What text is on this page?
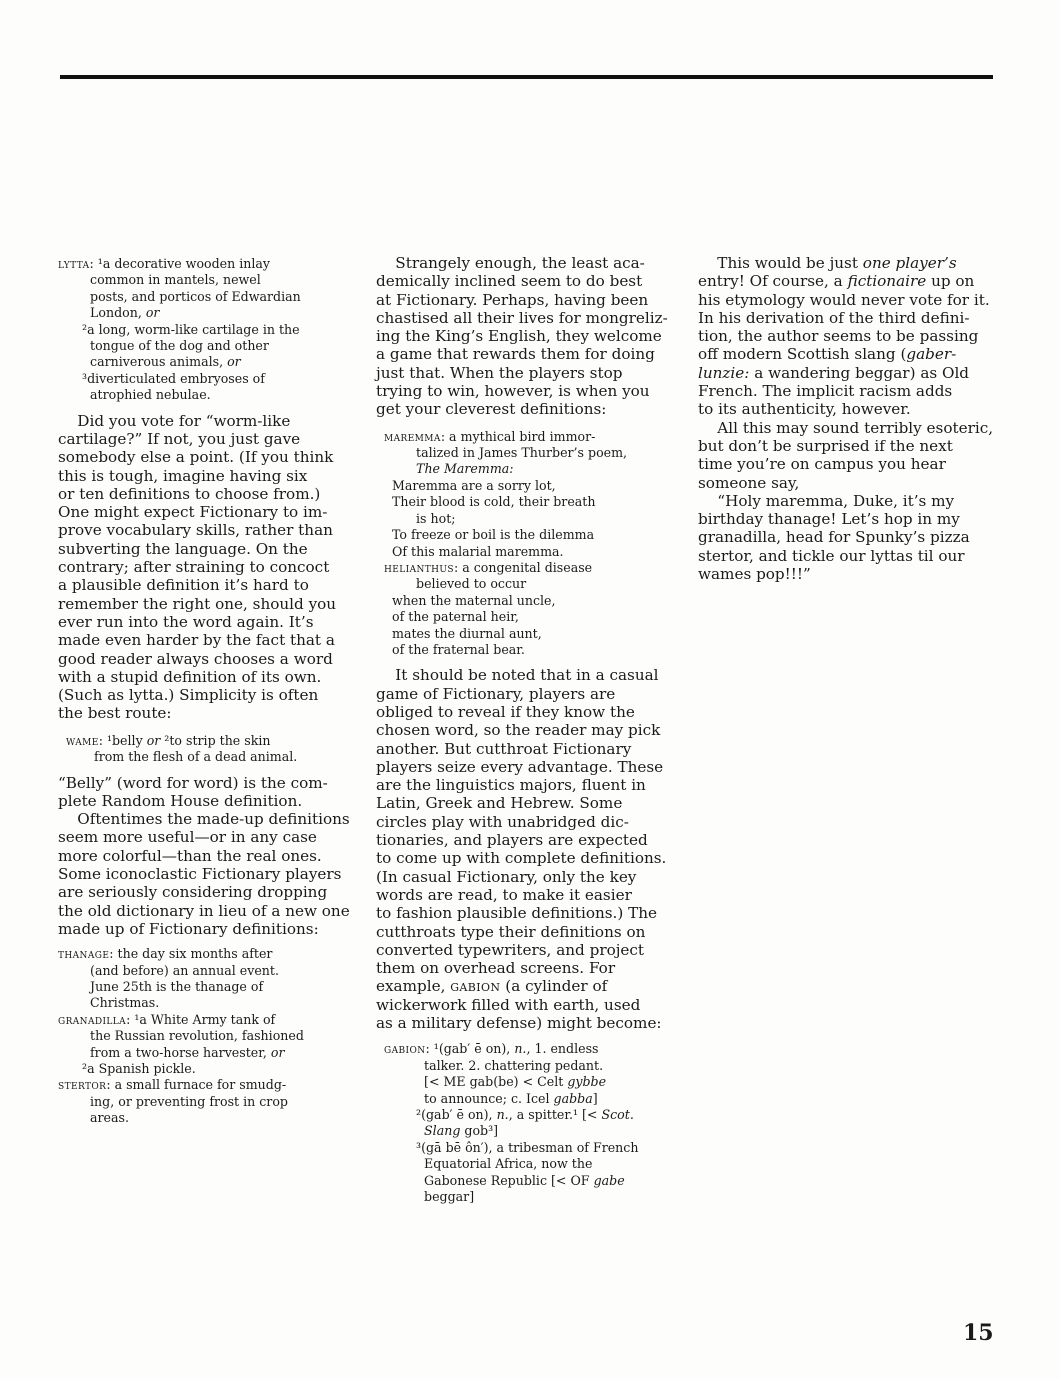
lytta: ¹a decorative wooden inlay
common in mantels, newel
posts, and porticos of Edwardian
London, or
²a long, worm-like cartilage in the
tongue of the dog and other
carniverous animals, or
³diverticulated embryoses of
atrophied nebulae.
Did you vote for “worm-like
cartilage?” If not, you just gave
somebody else a point. (If you think
this is tough, imagine having six
or ten definitions to choose from.)
One might expect Fictionary to im-
prove vocabulary skills, rather than
subverting the language. On the
contrary; after straining to concoct
a plausible definition it’s hard to
remember the right one, should you
ever run into the word again. It’s
made even harder by the fact that a
good reader always chooses a word
with a stupid definition of its own.
(Such as lytta.) Simplicity is often
the best route:
wame: ¹belly or ²to strip the skin
from the flesh of a dead animal.
“Belly” (word for word) is the com-
plete Random House definition.
Oftentimes the made-up definitions
seem more useful—or in any case
more colorful—than the real ones.
Some iconoclastic Fictionary players
are seriously considering dropping
the old dictionary in lieu of a new one
made up of Fictionary definitions:
thanage: the day six months after
(and before) an annual event.
June 25th is the thanage of
Christmas.
granadilla: ¹a White Army tank of
the Russian revolution, fashioned
from a two-horse harvester, or
²a Spanish pickle.
stertor: a small furnace for smudg-
ing, or preventing frost in crop
areas.
Strangely enough, the least aca-
demically inclined seem to do best
at Fictionary. Perhaps, having been
chastised all their lives for mongreliz-
ing the King’s English, they welcome
a game that rewards them for doing
just that. When the players stop
trying to win, however, is when you
get your cleverest definitions:
maremma: a mythical bird immor-
talized in James Thurber’s poem,
The Maremma:
Maremma are a sorry lot,
Their blood is cold, their breath
is hot;
To freeze or boil is the dilemma
Of this malarial maremma.
helianthus: a congenital disease
believed to occur
when the maternal uncle,
of the paternal heir,
mates the diurnal aunt,
of the fraternal bear.
It should be noted that in a casual
game of Fictionary, players are
obliged to reveal if they know the
chosen word, so the reader may pick
another. But cutthroat Fictionary
players seize every advantage. These
are the linguistics majors, fluent in
Latin, Greek and Hebrew. Some
circles play with unabridged dic-
tionaries, and players are expected
to come up with complete definitions.
(In casual Fictionary, only the key
words are read, to make it easier
to fashion plausible definitions.) The
cutthroats type their definitions on
converted typewriters, and project
them on overhead screens. For
example, gabion (a cylinder of
wickerwork filled with earth, used
as a military defense) might become:
gabion: ¹(gab′ ē on), n., 1. endless
talker. 2. chattering pedant.
[< ME gab(be) < Celt gybbe
to announce; c. Icel gabba]
²(gab′ ē on), n., a spitter.¹ [< Scot.
Slang gob³]
³(gā bē ôn′), a tribesman of French
Equatorial Africa, now the
Gabonese Republic [< OF gabe
beggar]
This would be just one player’s
entry! Of course, a fictionaire up on
his etymology would never vote for it.
In his derivation of the third defini-
tion, the author seems to be passing
off modern Scottish slang (gaber-
lunzie: a wandering beggar) as Old
French. The implicit racism adds
to its authenticity, however.
All this may sound terribly esoteric,
but don’t be surprised if the next
time you’re on campus you hear
someone say,
“Holy maremma, Duke, it’s my
birthday thanage! Let’s hop in my
granadilla, head for Spunky’s pizza
stertor, and tickle our lyttas til our
wames pop!!!”
15
